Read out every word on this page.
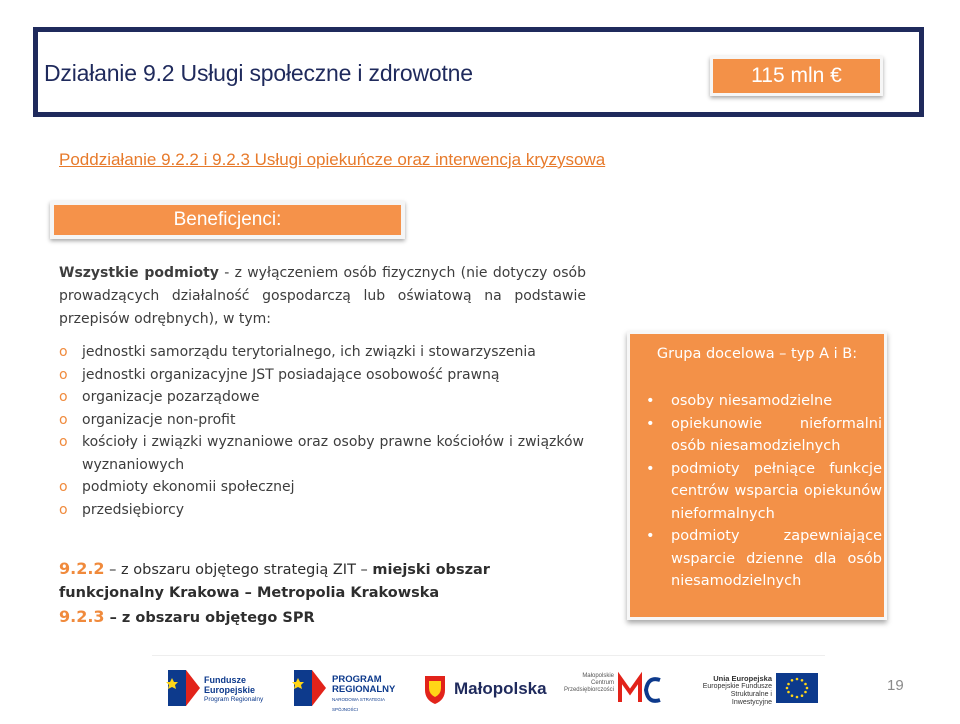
Działanie 9.2 Usługi społeczne i zdrowotne	115 mln €
Poddziałanie 9.2.2 i 9.2.3 Usługi opiekuńcze oraz interwencja kryzysowa
Beneficjenci:
Wszystkie podmioty - z wyłączeniem osób fizycznych (nie dotyczy osób prowadzących działalność gospodarczą lub oświatową na podstawie przepisów odrębnych), w tym:
o jednostki samorządu terytorialnego, ich związki i stowarzyszenia
o jednostki organizacyjne JST posiadające osobowość prawną
o organizacje pozarządowe
o organizacje non-profit
o kościoły i związki wyznaniowe oraz osoby prawne kościołów i związków wyznaniowych
o podmioty ekonomii społecznej
o przedsiębiorcy
9.2.2 – z obszaru objętego strategią ZIT – miejski obszar funkcjonalny Krakowa – Metropolia Krakowska
9.2.3 – z obszaru objętego SPR
Grupa docelowa – typ A i B:
• osoby niesamodzielne
• opiekunowie nieformalni osób niesamodzielnych
• podmioty pełniące funkcje centrów wsparcia opiekunów nieformalnych
• podmioty zapewniające wsparcie dzienne dla osób niesamodzielnych
Fundusze
Europejskie
Program Regionalny
PROGRAM
REGIONALNY
NARODOWA STRATEGIA SPÓJNOŚCI
Małopolska
Małopolskie
Centrum
Przedsiębiorczości
Unia Europejska
Europejskie Fundusze
Strukturalne i Inwestycyjne
19
